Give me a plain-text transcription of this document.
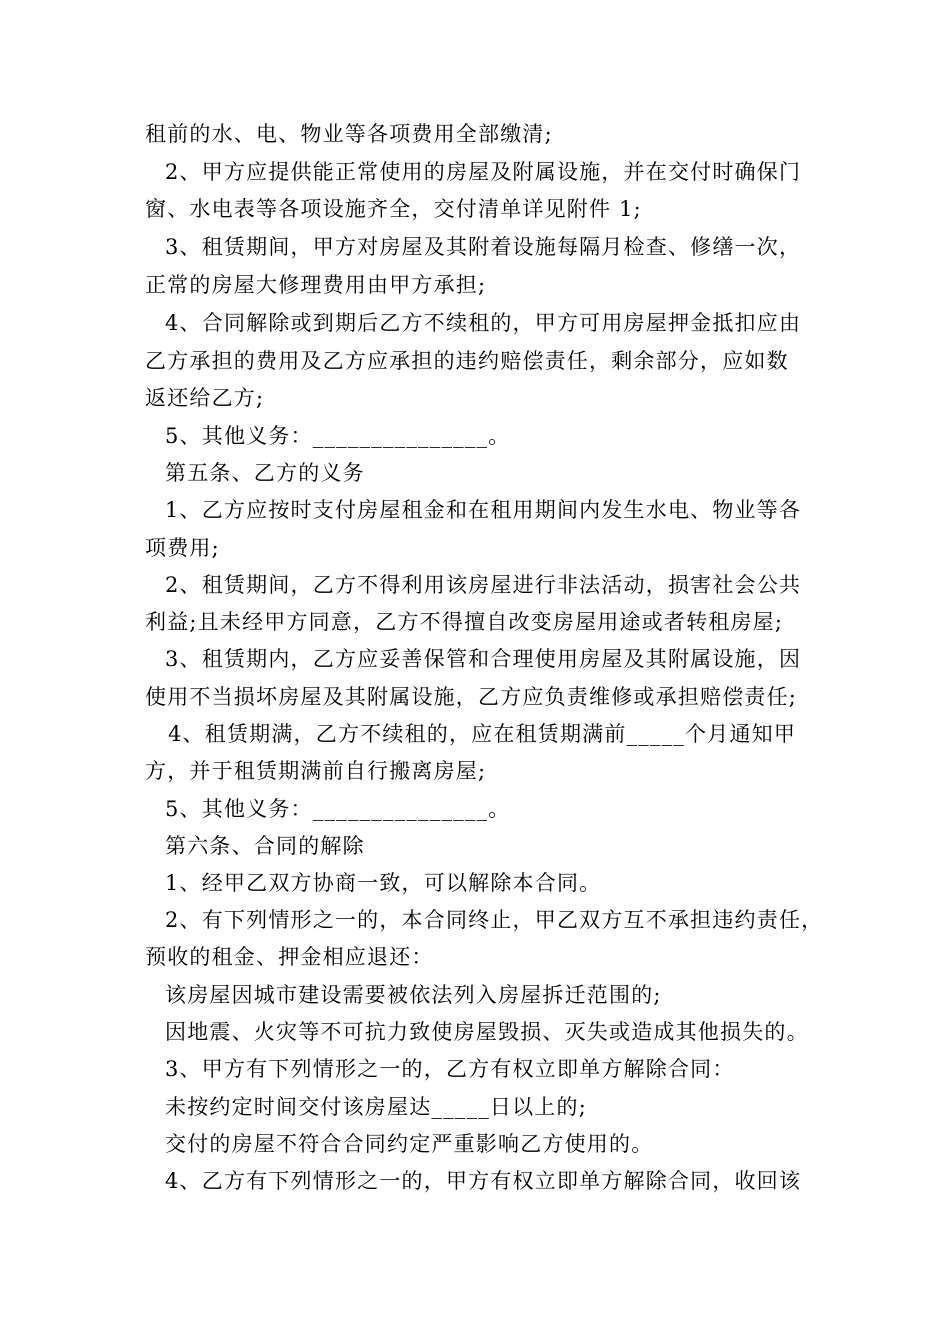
租前的水、电、物业等各项费用全部缴清;
2、甲方应提供能正常使用的房屋及附属设施，并在交付时确保门
窗、水电表等各项设施齐全，交付清单详见附件 1;
3、租赁期间，甲方对房屋及其附着设施每隔月检查、修缮一次，
正常的房屋大修理费用由甲方承担;
4、合同解除或到期后乙方不续租的，甲方可用房屋押金抵扣应由
乙方承担的费用及乙方应承担的违约赔偿责任，剩余部分，应如数
返还给乙方;
5、其他义务：_______________。
第五条、乙方的义务
1、乙方应按时支付房屋租金和在租用期间内发生水电、物业等各
项费用;
2、租赁期间，乙方不得利用该房屋进行非法活动，损害社会公共
利益;且未经甲方同意，乙方不得擅自改变房屋用途或者转租房屋;
3、租赁期内，乙方应妥善保管和合理使用房屋及其附属设施，因
使用不当损坏房屋及其附属设施，乙方应负责维修或承担赔偿责任;
4、租赁期满，乙方不续租的，应在租赁期满前_____个月通知甲
方，并于租赁期满前自行搬离房屋;
5、其他义务：_______________。
第六条、合同的解除
1、经甲乙双方协商一致，可以解除本合同。
2、有下列情形之一的，本合同终止，甲乙双方互不承担违约责任，
预收的租金、押金相应退还：
该房屋因城市建设需要被依法列入房屋拆迁范围的;
因地震、火灾等不可抗力致使房屋毁损、灭失或造成其他损失的。
3、甲方有下列情形之一的，乙方有权立即单方解除合同：
未按约定时间交付该房屋达_____日以上的;
交付的房屋不符合合同约定严重影响乙方使用的。
4、乙方有下列情形之一的，甲方有权立即单方解除合同，收回该
